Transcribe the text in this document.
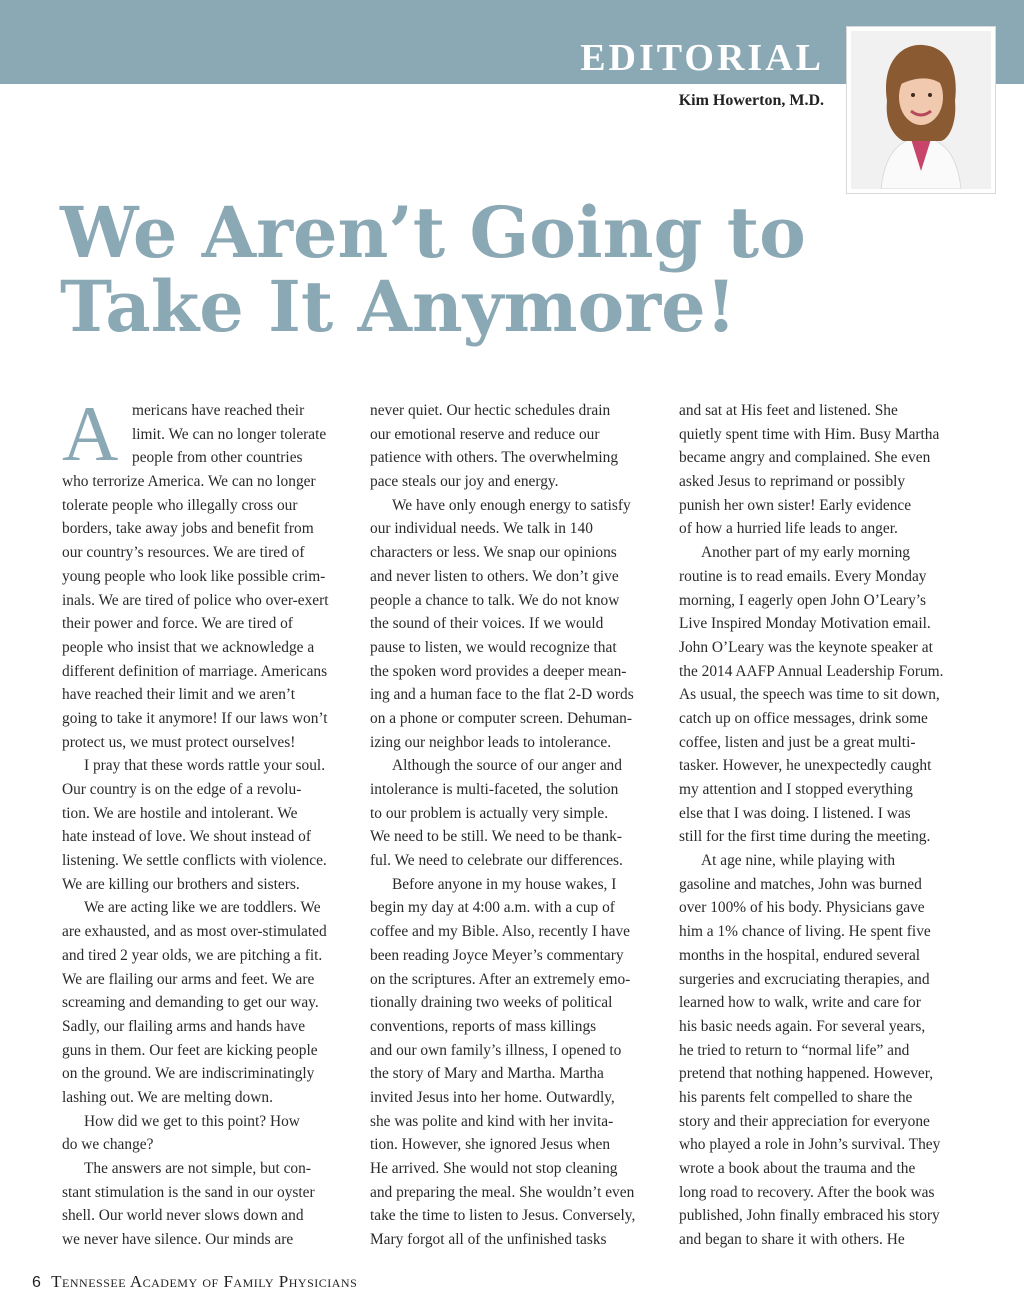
EDITORIAL
Kim Howerton, M.D.
We Aren’t Going to
Take It Anymore!
A mericans have reached their
limit. We can no longer tolerate
people from other countries
who terrorize America. We can no longer
tolerate people who illegally cross our
borders, take away jobs and benefit from
our country’s resources. We are tired of
young people who look like possible crim-
inals. We are tired of police who over-exert
their power and force. We are tired of
people who insist that we acknowledge a
different definition of marriage. Americans
have reached their limit and we aren’t
going to take it anymore! If our laws won’t
protect us, we must protect ourselves!
I pray that these words rattle your soul.
Our country is on the edge of a revolu-
tion. We are hostile and intolerant. We
hate instead of love. We shout instead of
listening. We settle conflicts with violence.
We are killing our brothers and sisters.
We are acting like we are toddlers. We
are exhausted, and as most over-stimulated
and tired 2 year olds, we are pitching a fit.
We are flailing our arms and feet. We are
screaming and demanding to get our way.
Sadly, our flailing arms and hands have
guns in them. Our feet are kicking people
on the ground. We are indiscriminatingly
lashing out. We are melting down.
How did we get to this point? How
do we change?
The answers are not simple, but con-
stant stimulation is the sand in our oyster
shell. Our world never slows down and
we never have silence. Our minds are
never quiet. Our hectic schedules drain
our emotional reserve and reduce our
patience with others. The overwhelming
pace steals our joy and energy.
We have only enough energy to satisfy
our individual needs. We talk in 140
characters or less. We snap our opinions
and never listen to others. We don’t give
people a chance to talk. We do not know
the sound of their voices. If we would
pause to listen, we would recognize that
the spoken word provides a deeper mean-
ing and a human face to the flat 2-D words
on a phone or computer screen. Dehuman-
izing our neighbor leads to intolerance.
Although the source of our anger and
intolerance is multi-faceted, the solution
to our problem is actually very simple.
We need to be still. We need to be thank-
ful. We need to celebrate our differences.
Before anyone in my house wakes, I
begin my day at 4:00 a.m. with a cup of
coffee and my Bible. Also, recently I have
been reading Joyce Meyer’s commentary
on the scriptures. After an extremely emo-
tionally draining two weeks of political
conventions, reports of mass killings
and our own family’s illness, I opened to
the story of Mary and Martha. Martha
invited Jesus into her home. Outwardly,
she was polite and kind with her invita-
tion. However, she ignored Jesus when
He arrived. She would not stop cleaning
and preparing the meal. She wouldn’t even
take the time to listen to Jesus. Conversely,
Mary forgot all of the unfinished tasks
and sat at His feet and listened. She
quietly spent time with Him. Busy Martha
became angry and complained. She even
asked Jesus to reprimand or possibly
punish her own sister! Early evidence
of how a hurried life leads to anger.
Another part of my early morning
routine is to read emails. Every Monday
morning, I eagerly open John O’Leary’s
Live Inspired Monday Motivation email.
John O’Leary was the keynote speaker at
the 2014 AAFP Annual Leadership Forum.
As usual, the speech was time to sit down,
catch up on office messages, drink some
coffee, listen and just be a great multi-
tasker. However, he unexpectedly caught
my attention and I stopped everything
else that I was doing. I listened. I was
still for the first time during the meeting.
At age nine, while playing with
gasoline and matches, John was burned
over 100% of his body. Physicians gave
him a 1% chance of living. He spent five
months in the hospital, endured several
surgeries and excruciating therapies, and
learned how to walk, write and care for
his basic needs again. For several years,
he tried to return to “normal life” and
pretend that nothing happened. However,
his parents felt compelled to share the
story and their appreciation for everyone
who played a role in John’s survival. They
wrote a book about the trauma and the
long road to recovery. After the book was
published, John finally embraced his story
and began to share it with others. He
6 Tennessee Academy of Family Physicians
